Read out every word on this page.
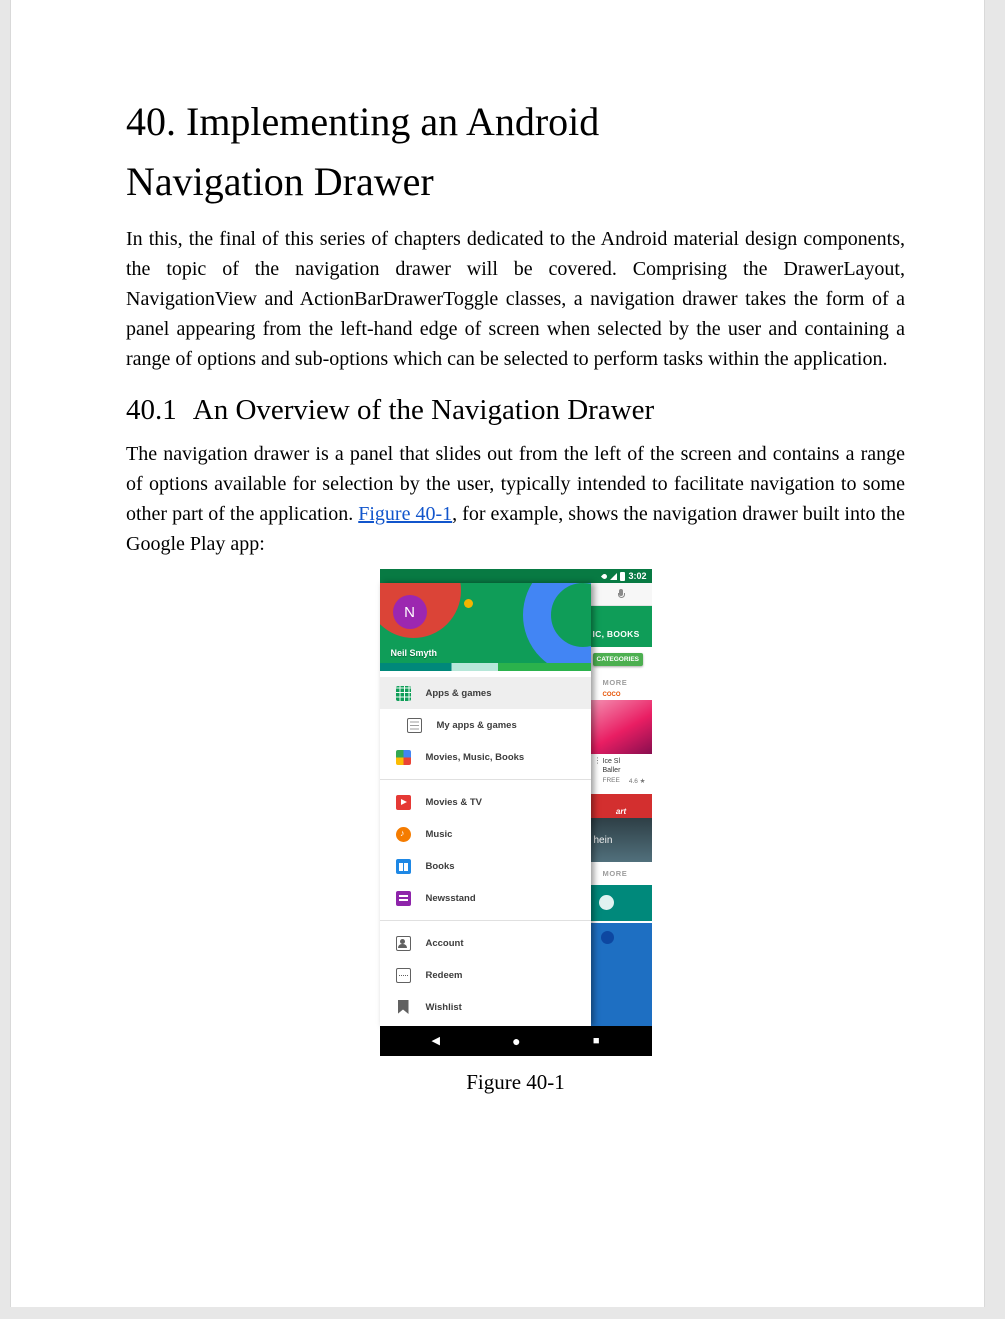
40. Implementing an Android
Navigation Drawer

In this, the final of this series of chapters dedicated to the Android material design components, the topic of the navigation drawer will be covered. Comprising the DrawerLayout, NavigationView and ActionBarDrawerToggle classes, a navigation drawer takes the form of a panel appearing from the left-hand edge of screen when selected by the user and containing a range of options and sub-options which can be selected to perform tasks within the application.

40.1 An Overview of the Navigation Drawer

The navigation drawer is a panel that slides out from the left of the screen and contains a range of options available for selection by the user, typically intended to facilitate navigation to some other part of the application. Figure 40-1, for example, shows the navigation drawer built into the Google Play app:

3:02
N
Neil Smyth
Apps & games
My apps & games
Movies, Music, Books
Movies & TV
♪
Music
Books
Newsstand
Account
Redeem
Wishlist
IC, BOOKS
CATEGORIES
MORE
COCO
⋮ Ice Sl
Baller
FREE 4.6 ★
art
hein
MORE
◀	●	■
Figure 40-1
